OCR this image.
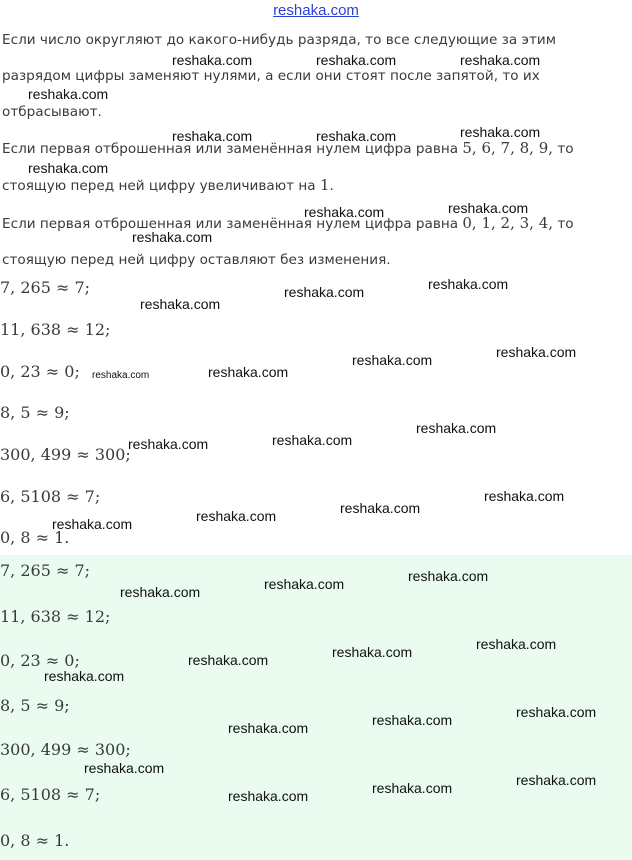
reshaka.com

Если число округляют до какого-нибудь разряда, то все следующие за этим разрядом цифры заменяют нулями, а если они стоят после запятой, то их отбрасывают.

Если первая отброшенная или заменённая нулем цифра равна 5, 6, 7, 8, 9, то стоящую перед ней цифру увеличивают на 1.

Если первая отброшенная или заменённая нулем цифра равна 0, 1, 2, 3, 4, то стоящую перед ней цифру оставляют без изменения.

7, 265 ≈ 7;

11, 638 ≈ 12;

0, 23 ≈ 0;

8, 5 ≈ 9;

300, 499 ≈ 300;

6, 5108 ≈ 7;

0, 8 ≈ 1.

7, 265 ≈ 7;

11, 638 ≈ 12;

0, 23 ≈ 0;

8, 5 ≈ 9;

300, 499 ≈ 300;

6, 5108 ≈ 7;

0, 8 ≈ 1.

reshaka.com
reshaka.com	reshaka.com	reshaka.com
reshaka.com	reshaka.com	reshaka.com
reshaka.com
reshaka.com	reshaka.com
reshaka.com
reshaka.com	reshaka.com
reshaka.com
reshaka.com	reshaka.com
reshaka.com
reshaka.com
reshaka.com
reshaka.com
reshaka.com
reshaka.com
reshaka.com
reshaka.com
reshaka.com
reshaka.com
reshaka.com
reshaka.com
reshaka.com
reshaka.com
reshaka.com
reshaka.com
reshaka.com
reshaka.com
reshaka.com
reshaka.com
reshaka.com
reshaka.com
reshaka.com
